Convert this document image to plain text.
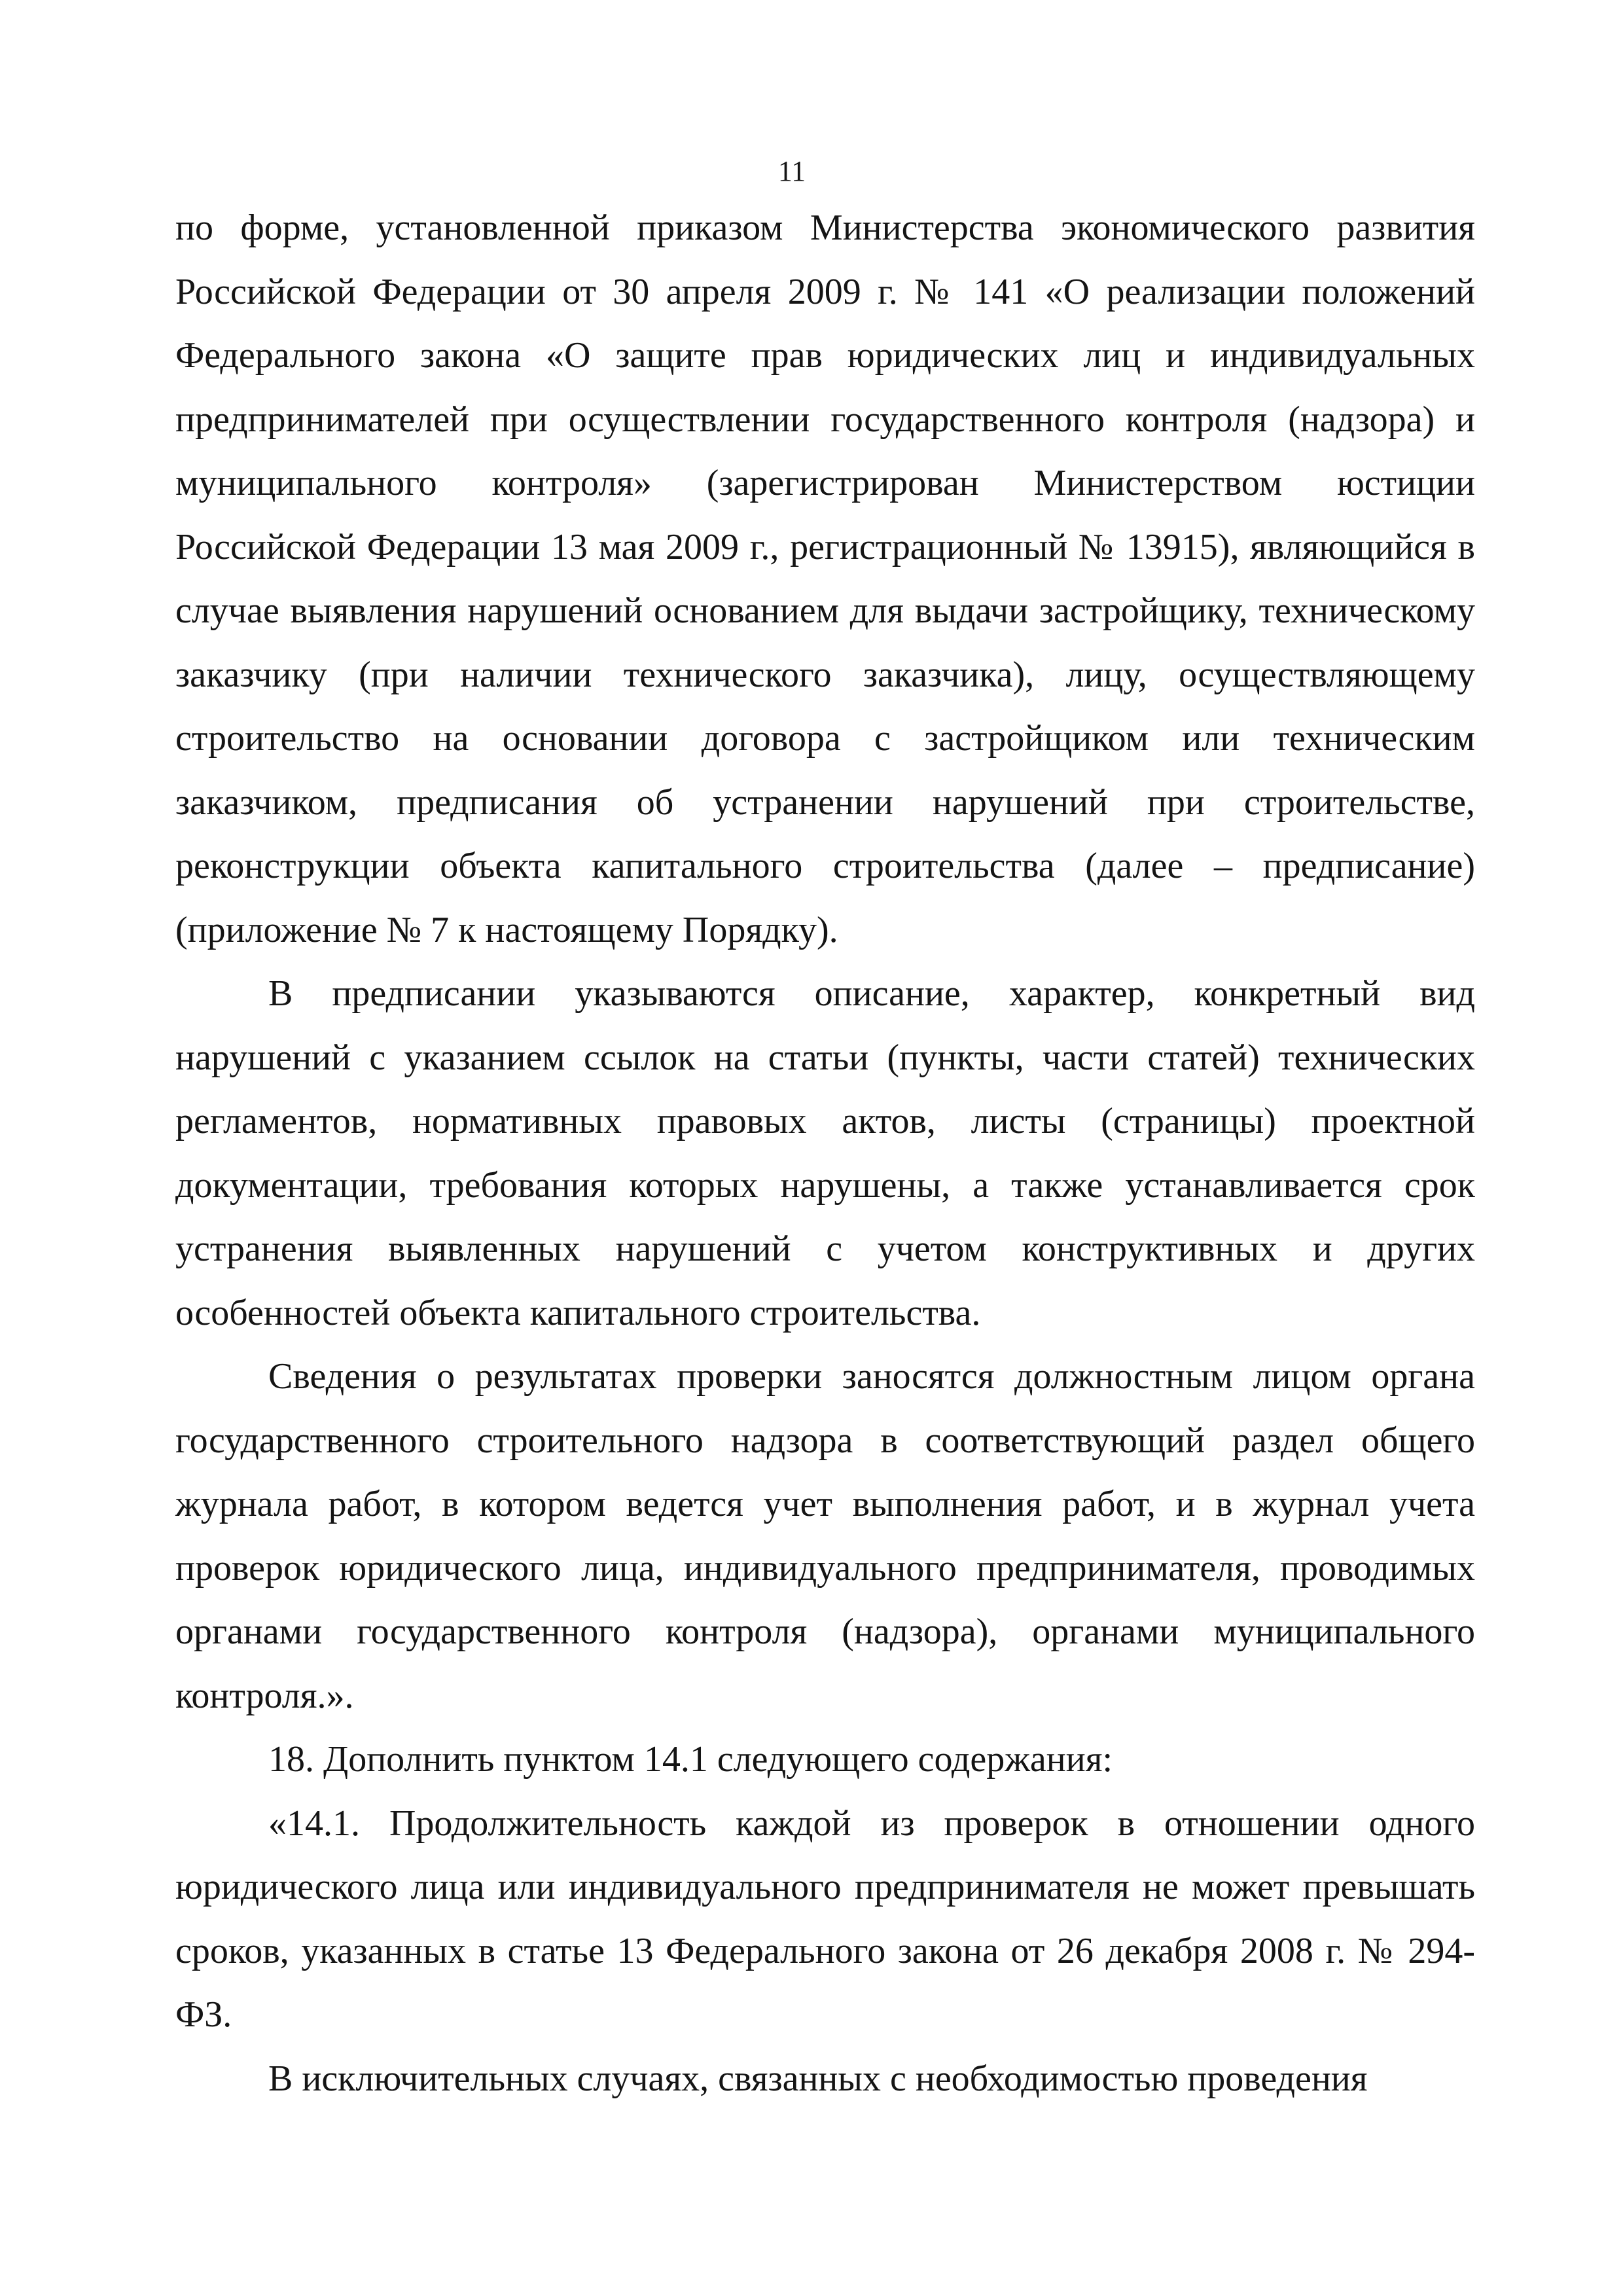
11

по форме, установленной приказом Министерства экономического развития Российской Федерации от 30 апреля 2009 г. № 141 «О реализации положений Федерального закона «О защите прав юридических лиц и индивидуальных предпринимателей при осуществлении государственного контроля (надзора) и муниципального контроля» (зарегистрирован Министерством юстиции Российской Федерации 13 мая 2009 г., регистрационный № 13915), являющийся в случае выявления нарушений основанием для выдачи застройщику, техническому заказчику (при наличии технического заказчика), лицу, осуществляющему строительство на основании договора с застройщиком или техническим заказчиком, предписания об устранении нарушений при строительстве, реконструкции объекта капитального строительства (далее – предписание) (приложение № 7 к настоящему Порядку).

В предписании указываются описание, характер, конкретный вид нарушений с указанием ссылок на статьи (пункты, части статей) технических регламентов, нормативных правовых актов, листы (страницы) проектной документации, требования которых нарушены, а также устанавливается срок устранения выявленных нарушений с учетом конструктивных и других особенностей объекта капитального строительства.

Сведения о результатах проверки заносятся должностным лицом органа государственного строительного надзора в соответствующий раздел общего журнала работ, в котором ведется учет выполнения работ, и в журнал учета проверок юридического лица, индивидуального предпринимателя, проводимых органами государственного контроля (надзора), органами муниципального контроля.».

18. Дополнить пунктом 14.1 следующего содержания:

«14.1. Продолжительность каждой из проверок в отношении одного юридического лица или индивидуального предпринимателя не может превышать сроков, указанных в статье 13 Федерального закона от 26 декабря 2008 г. № 294-ФЗ.

В исключительных случаях, связанных с необходимостью проведения
